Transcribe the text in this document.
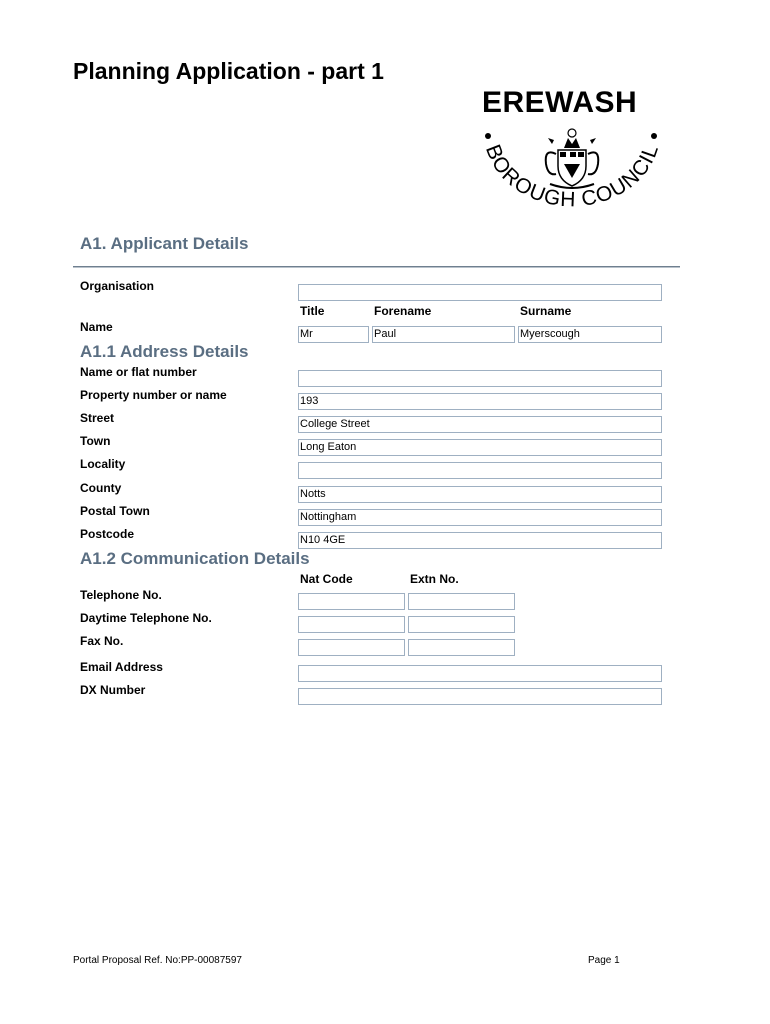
Planning Application - part 1
EREWASH
BOROUGH COUNCIL
A1. Applicant Details
Organisation
Title	Forename	Surname
Name	Mr	Paul	Myerscough
A1.1 Address Details
Name or flat number
Property number or name	193
Street	College Street
Town	Long Eaton
Locality
County	Notts
Postal Town	Nottingham
Postcode	N10 4GE
A1.2 Communication Details
Nat Code	Extn No.
Telephone No.
Daytime Telephone No.
Fax No.
Email Address
DX Number
Portal Proposal Ref. No:PP-00087597	Page 1
